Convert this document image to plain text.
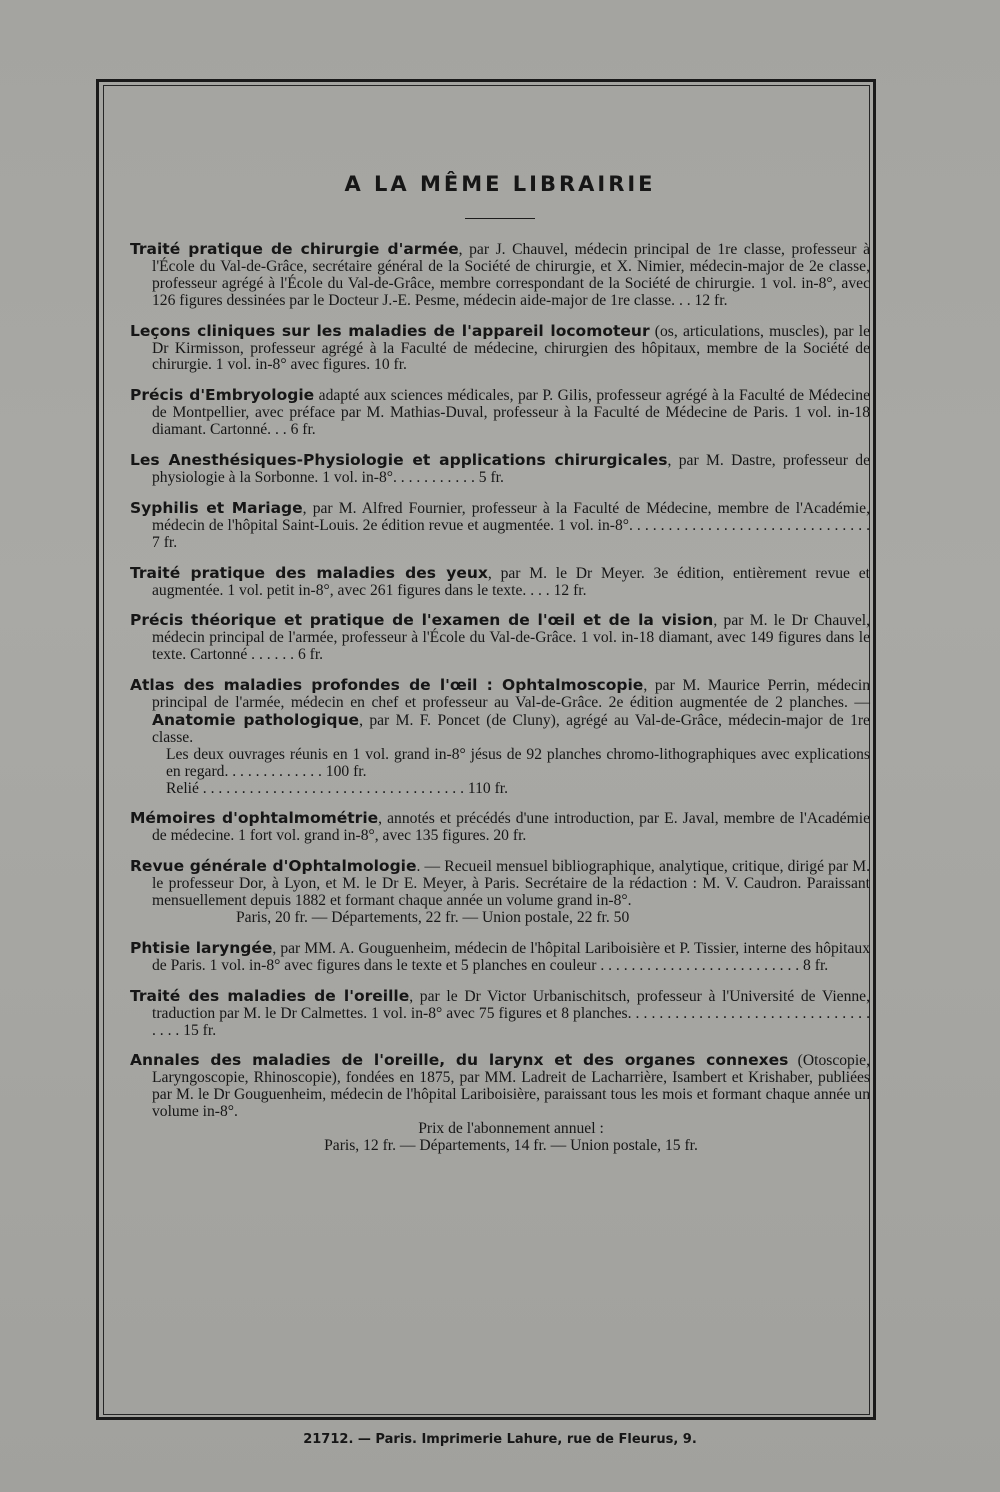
A LA MÊME LIBRAIRIE

Traité pratique de chirurgie d'armée, par J. Chauvel, médecin principal de 1re classe, professeur à l'École du Val-de-Grâce, secrétaire général de la Société de chirurgie, et X. Nimier, médecin-major de 2e classe, professeur agrégé à l'École du Val-de-Grâce, membre correspondant de la Société de chirurgie. 1 vol. in-8°, avec 126 figures dessinées par le Docteur J.-E. Pesme, médecin aide-major de 1re classe. . . 12 fr.

Leçons cliniques sur les maladies de l'appareil locomoteur (os, articulations, muscles), par le Dr Kirmisson, professeur agrégé à la Faculté de médecine, chirurgien des hôpitaux, membre de la Société de chirurgie. 1 vol. in-8° avec figures. 10 fr.

Précis d'Embryologie adapté aux sciences médicales, par P. Gilis, professeur agrégé à la Faculté de Médecine de Montpellier, avec préface par M. Mathias-Duval, professeur à la Faculté de Médecine de Paris. 1 vol. in-18 diamant. Cartonné. . . 6 fr.

Les Anesthésiques-Physiologie et applications chirurgicales, par M. Dastre, professeur de physiologie à la Sorbonne. 1 vol. in-8°. . . . . . . . . . . 5 fr.

Syphilis et Mariage, par M. Alfred Fournier, professeur à la Faculté de Médecine, membre de l'Académie, médecin de l'hôpital Saint-Louis. 2e édition revue et augmentée. 1 vol. in-8°. . . . . . . . . . . . . . . . . . . . . . . . . . . . . . . 7 fr.

Traité pratique des maladies des yeux, par M. le Dr Meyer. 3e édition, entièrement revue et augmentée. 1 vol. petit in-8°, avec 261 figures dans le texte. . . . 12 fr.

Précis théorique et pratique de l'examen de l'œil et de la vision, par M. le Dr Chauvel, médecin principal de l'armée, professeur à l'École du Val-de-Grâce. 1 vol. in-18 diamant, avec 149 figures dans le texte. Cartonné . . . . . . 6 fr.

Atlas des maladies profondes de l'œil : Ophtalmoscopie, par M. Maurice Perrin, médecin principal de l'armée, médecin en chef et professeur au Val-de-Grâce. 2e édition augmentée de 2 planches. — Anatomie pathologique, par M. F. Poncet (de Cluny), agrégé au Val-de-Grâce, médecin-major de 1re classe.
Les deux ouvrages réunis en 1 vol. grand in-8° jésus de 92 planches chromo-lithographiques avec explications en regard. . . . . . . . . . . . . 100 fr.
Relié . . . . . . . . . . . . . . . . . . . . . . . . . . . . . . . . . . 110 fr.

Mémoires d'ophtalmométrie, annotés et précédés d'une introduction, par E. Javal, membre de l'Académie de médecine. 1 fort vol. grand in-8°, avec 135 figures. 20 fr.

Revue générale d'Ophtalmologie. — Recueil mensuel bibliographique, analytique, critique, dirigé par M. le professeur Dor, à Lyon, et M. le Dr E. Meyer, à Paris. Secrétaire de la rédaction : M. V. Caudron. Paraissant mensuellement depuis 1882 et formant chaque année un volume grand in-8°.
Paris, 20 fr. — Départements, 22 fr. — Union postale, 22 fr. 50

Phtisie laryngée, par MM. A. Gouguenheim, médecin de l'hôpital Lariboisière et P. Tissier, interne des hôpitaux de Paris. 1 vol. in-8° avec figures dans le texte et 5 planches en couleur . . . . . . . . . . . . . . . . . . . . . . . . . . 8 fr.

Traité des maladies de l'oreille, par le Dr Victor Urbanischitsch, professeur à l'Université de Vienne, traduction par M. le Dr Calmettes. 1 vol. in-8° avec 75 figures et 8 planches. . . . . . . . . . . . . . . . . . . . . . . . . . . . . . . . . . . 15 fr.

Annales des maladies de l'oreille, du larynx et des organes connexes (Otoscopie, Laryngoscopie, Rhinoscopie), fondées en 1875, par MM. Ladreit de Lacharrière, Isambert et Krishaber, publiées par M. le Dr Gouguenheim, médecin de l'hôpital Lariboisière, paraissant tous les mois et formant chaque année un volume in-8°.
Prix de l'abonnement annuel :
Paris, 12 fr. — Départements, 14 fr. — Union postale, 15 fr.

21712. — Paris. Imprimerie Lahure, rue de Fleurus, 9.
